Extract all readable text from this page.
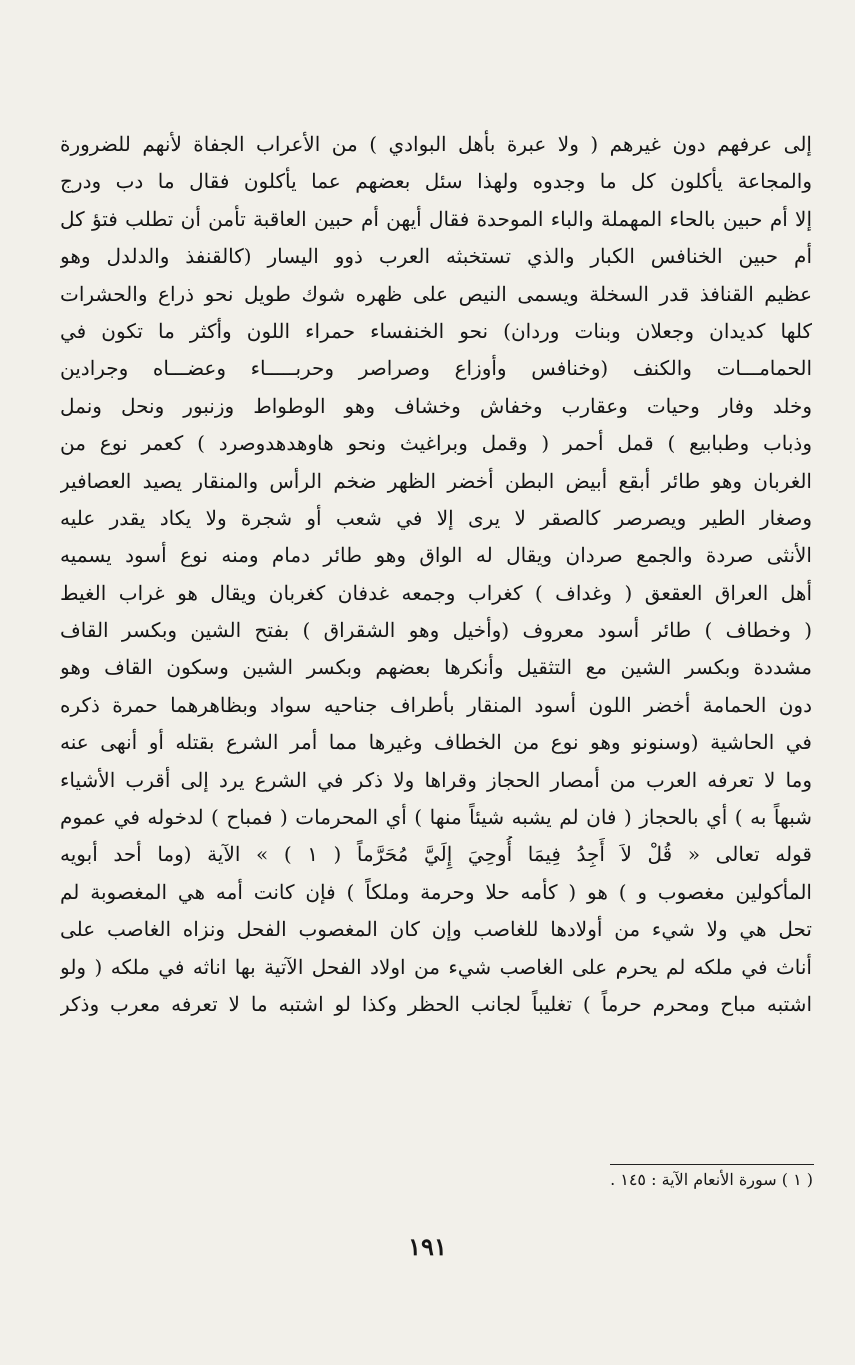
إلى عرفهم دون غيرهم ( ولا عبرة بأهل البوادي ) من الأعراب الجفاة لأنهم للضرورة
والمجاعة يأكلون كل ما وجدوه ولهذا سئل بعضهم عما يأكلون فقال ما دب ودرج
إلا أم حبين بالحاء المهملة والباء الموحدة فقال أيهن أم حبين العاقبة تأمن أن تطلب فتؤ كل
أم حبين الخنافس الكبار والذي تستخبثه العرب ذوو اليسار (كالقنفذ والدلدل وهو
عظيم القنافذ قدر السخلة ويسمى النيص على ظهره شوك طويل نحو ذراع والحشرات
كلها كديدان وجعلان وبنات وردان) نحو الخنفساء حمراء اللون وأكثر ما تكون في
الحمامـــات والكنف (وخنافس وأوزاع وصراصر وحربـــــاء وعضـــاه وجرادين
وخلد وفار وحيات وعقارب وخفاش وخشاف وهو الوطواط وزنبور ونحل ونمل
وذباب وطبابيع ) قمل أحمر ( وقمل وبراغيث ونحو هاوهدهدوصرد ) كعمر نوع من
الغربان وهو طائر أبقع أبيض البطن أخضر الظهر ضخم الرأس والمنقار يصيد العصافير
وصغار الطير ويصرصر كالصقر لا يرى إلا في شعب أو شجرة ولا يكاد يقدر عليه
الأنثى صردة والجمع صردان ويقال له الواق وهو طائر دمام ومنه نوع أسود يسميه
أهل العراق العقعق ( وغداف ) كغراب وجمعه غدفان كغربان ويقال هو غراب الغيط
( وخطاف ) طائر أسود معروف (وأخيل وهو الشقراق ) بفتح الشين وبكسر القاف
مشددة وبكسر الشين مع التثقيل وأنكرها بعضهم وبكسر الشين وسكون القاف وهو
دون الحمامة أخضر اللون أسود المنقار بأطراف جناحيه سواد وبظاهرهما حمرة ذكره
في الحاشية (وسنونو وهو نوع من الخطاف وغيرها مما أمر الشرع بقتله أو أنهى عنه
وما لا تعرفه العرب من أمصار الحجاز وقراها ولا ذكر في الشرع يرد إلى أقرب الأشياء
شبهاً به ) أي بالحجاز ( فان لم يشبه شيئاً منها ) أي المحرمات ( فمباح ) لدخوله في عموم
قوله تعالى « قُلْ لاَ أَجِدُ فِيمَا أُوحِيَ إِلَيَّ مُحَرَّماً ( ١ ) » الآية (وما أحد أبويه
المأكولين مغصوب و ) هو ( كأمه حلا وحرمة وملكاً ) فإن كانت أمه هي المغصوبة لم
تحل هي ولا شيء من أولادها للغاصب وإن كان المغصوب الفحل ونزاه الغاصب على
أناث في ملكه لم يحرم على الغاصب شيء من اولاد الفحل الآتية بها اناثه في ملكه ( ولو
اشتبه مباح ومحرم حرماً ) تغليباً لجانب الحظر وكذا لو اشتبه ما لا تعرفه معرب وذكر
( ١ ) سورة الأنعام الآية : ١٤٥ .
١٩١
